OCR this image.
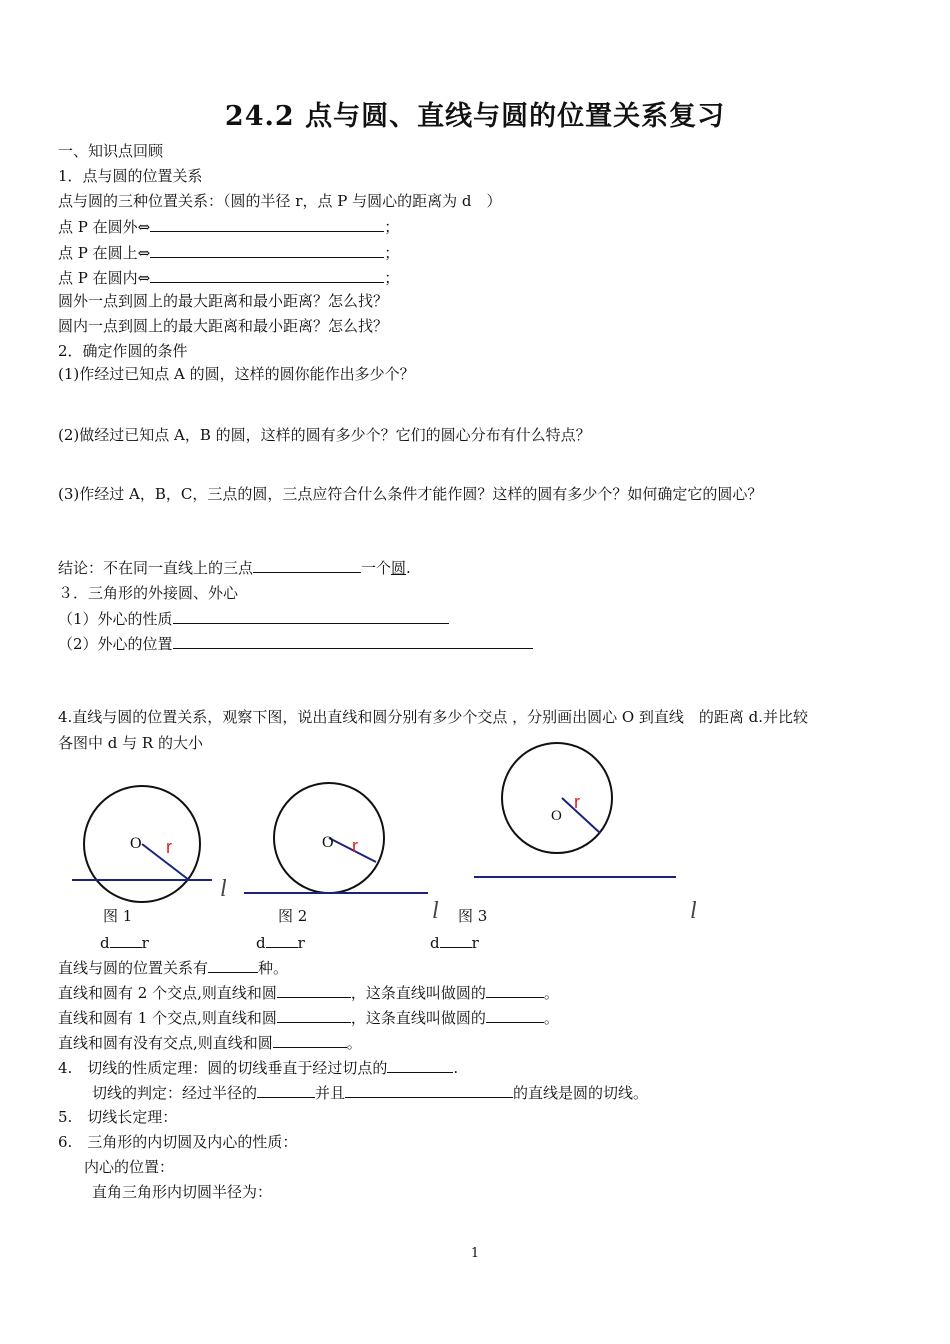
24.2 点与圆、直线与圆的位置关系复习
一、知识点回顾
1．点与圆的位置关系
点与圆的三种位置关系：（圆的半径 r，点 P 与圆心的距离为 d　）
点 P 在圆外⇔	；
点 P 在圆上⇔	；
点 P 在圆内⇔	；
圆外一点到圆上的最大距离和最小距离？怎么找？
圆内一点到圆上的最大距离和最小距离？怎么找？
2．确定作圆的条件
(1)作经过已知点 A 的圆，这样的圆你能作出多少个？
(2)做经过已知点 A，B 的圆，这样的圆有多少个？它们的圆心分布有什么特点？
(3)作经过 A，B，C，三点的圆，三点应符合什么条件才能作圆？这样的圆有多少个？如何确定它的圆心？
结论：不在同一直线上的三点	一个圆.
３．三角形的外接圆、外心
（1）外心的性质
（2）外心的位置
4.直线与圆的位置关系，观察下图，说出直线和圆分别有多少个交点 ，分别画出圆心 O 到直线　的距离 d.并比较
各图中 d 与 R 的大小
O r
l
O r
l
O
r
l
图 1	图 2	图 3
d r	d r	d r
直线与圆的位置关系有	种。
直线和圆有 2 个交点,则直线和圆	，这条直线叫做圆的	。
直线和圆有 1 个交点,则直线和圆	，这条直线叫做圆的	。
直线和圆有没有交点,则直线和圆	。
4.　切线的性质定理：圆的切线垂直于经过切点的	.
切线的判定：经过半径的	并且	的直线是圆的切线。
5.　切线长定理：
6.　三角形的内切圆及内心的性质：
内心的位置：
直角三角形内切圆半径为：
1
